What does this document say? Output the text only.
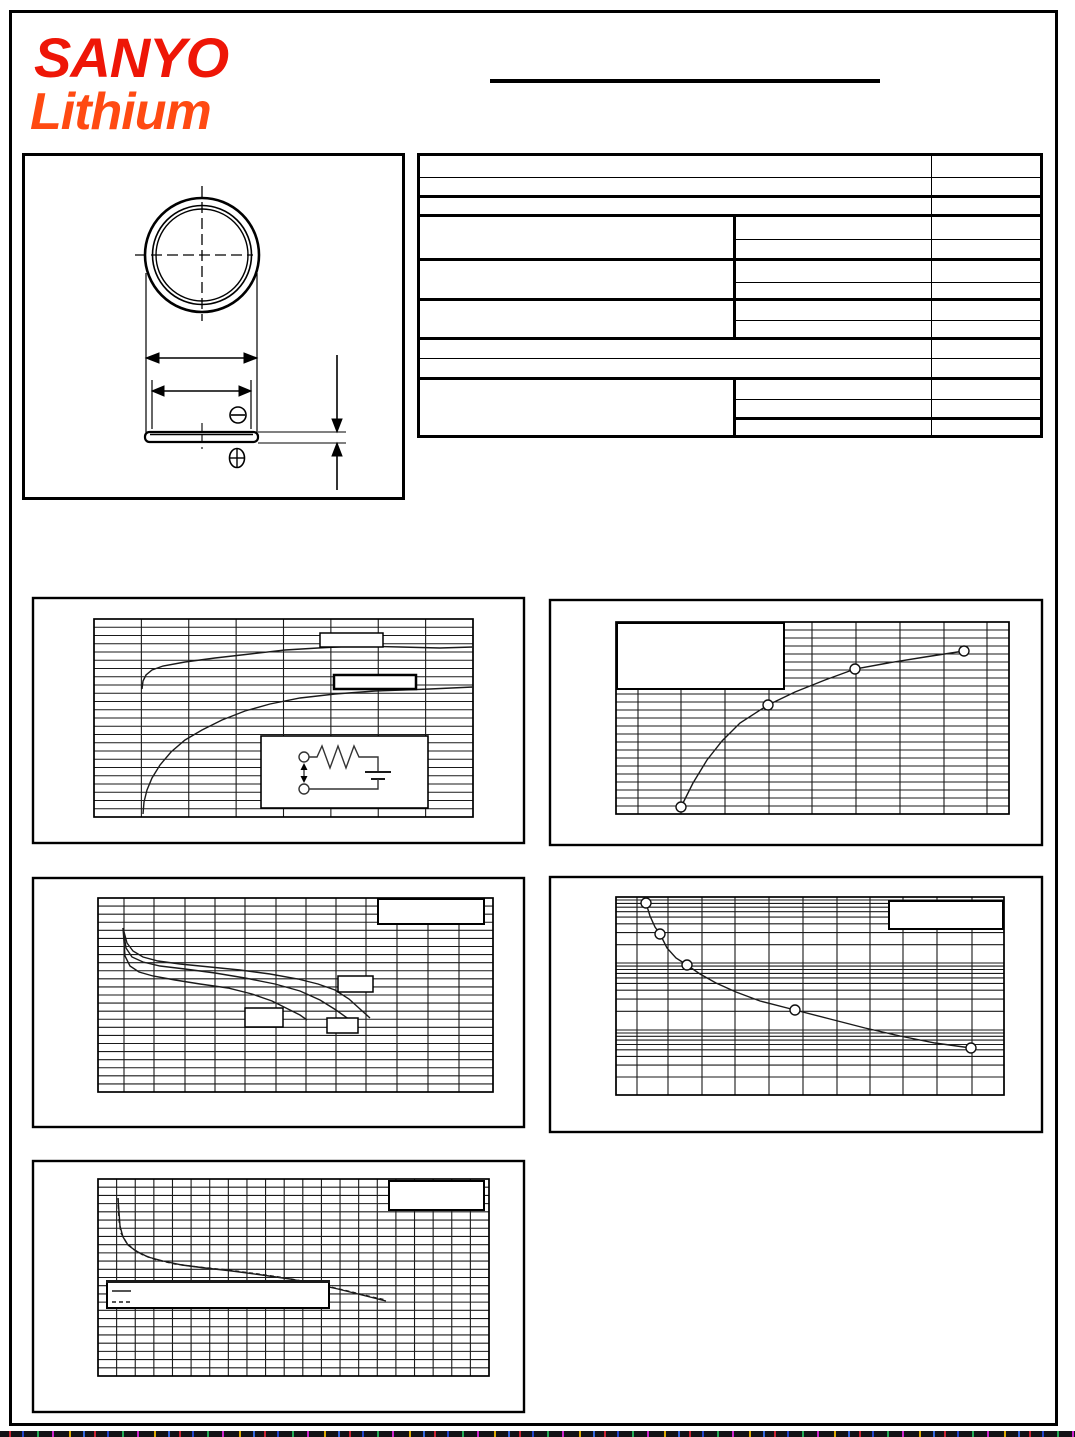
SANYO
Lithium
